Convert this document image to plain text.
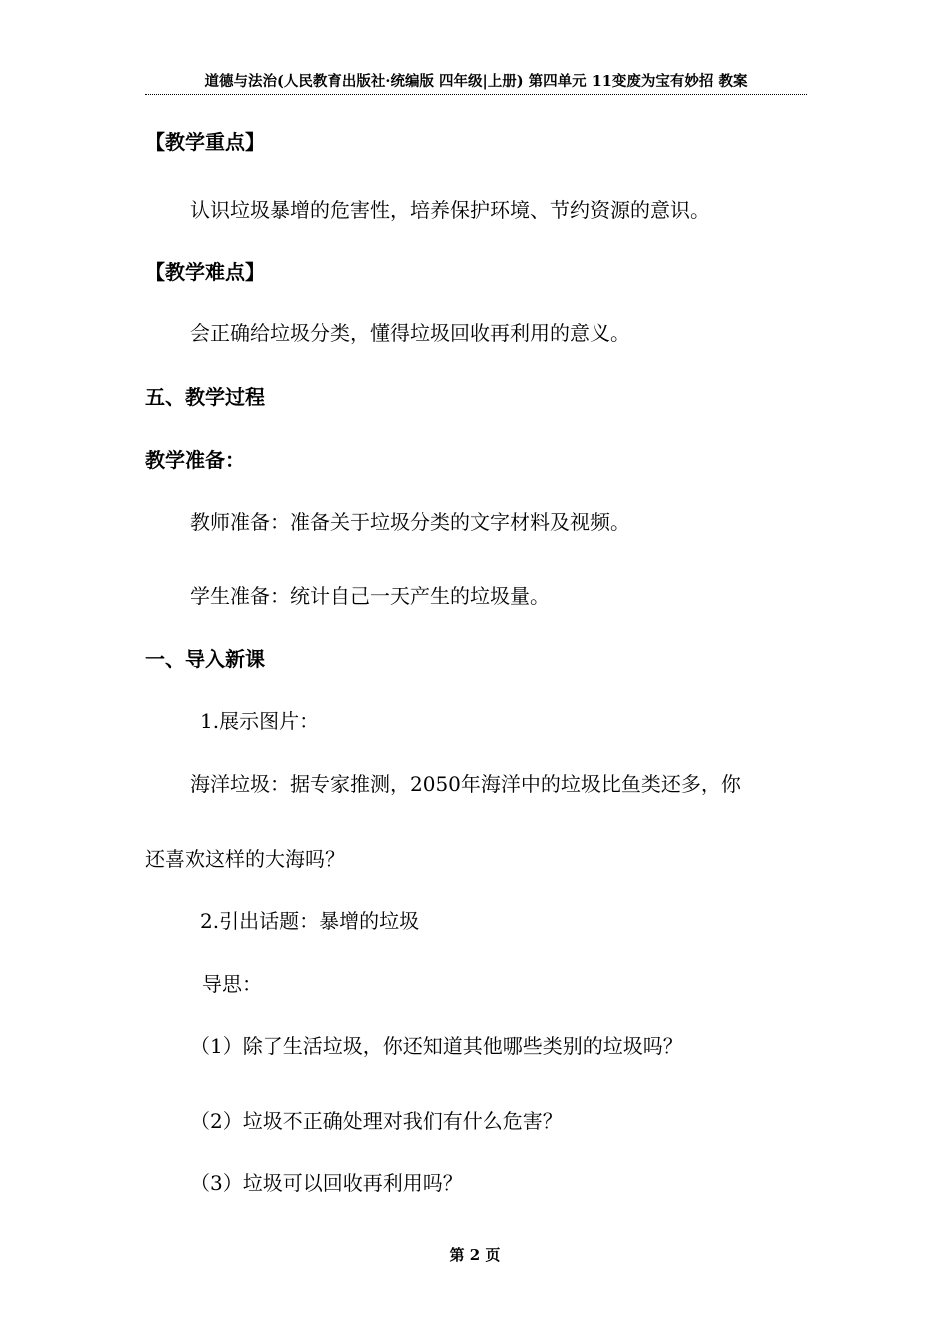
道德与法治(人民教育出版社·统编版 四年级|上册) 第四单元 11变废为宝有妙招 教案
【教学重点】
认识垃圾暴增的危害性，培养保护环境、节约资源的意识。
【教学难点】
会正确给垃圾分类，懂得垃圾回收再利用的意义。
五、教学过程
教学准备：
教师准备：准备关于垃圾分类的文字材料及视频。
学生准备：统计自己一天产生的垃圾量。
一、导入新课
1.展示图片：
海洋垃圾：据专家推测，2050年海洋中的垃圾比鱼类还多，你
还喜欢这样的大海吗？
2.引出话题：暴增的垃圾
导思：
（1）除了生活垃圾，你还知道其他哪些类别的垃圾吗？
（2）垃圾不正确处理对我们有什么危害？
（3）垃圾可以回收再利用吗？
第 2 页
